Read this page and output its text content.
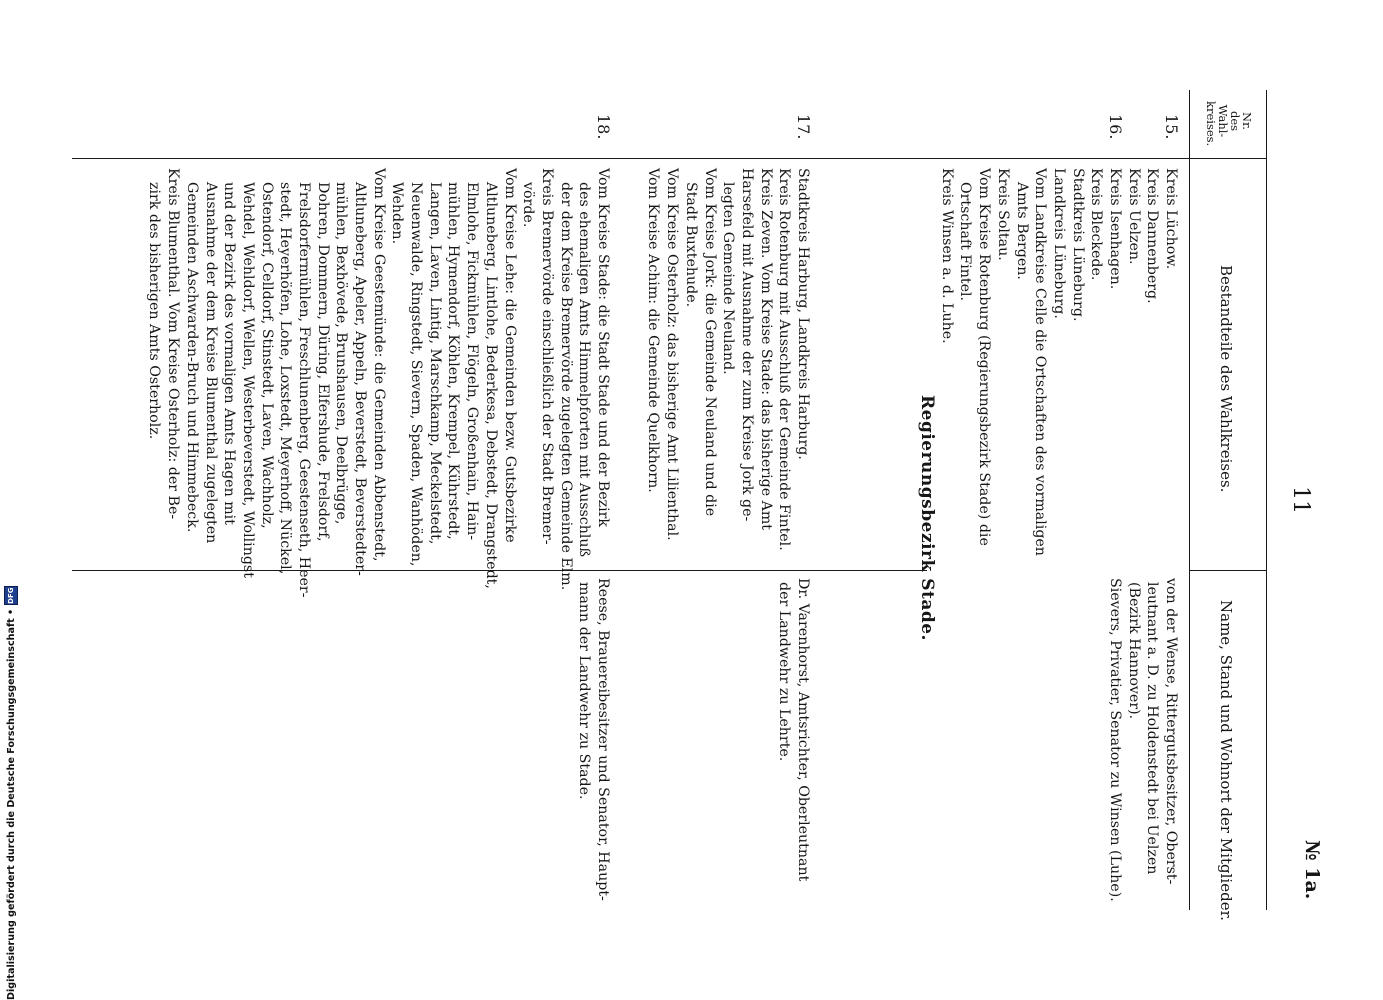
11
№ 1a.
Nr. des Wahl-kreises.
Bestandteile des Wahlkreises.
Name, Stand und Wohnort der Mitglieder.
15.
Kreis Lüchow.
Kreis Dannenberg.
Kreis Uelzen.
von der Wense, Rittergutsbesitzer, Oberst-
leutnant a. D. zu Holdenstedt bei Uelzen
(Bezirk Hannover).
16.
Kreis Isenhagen.
Kreis Bleckede.
Stadtkreis Lüneburg.
Landkreis Lüneburg.
Vom Landkreise Celle die Ortschaften des vormaligen
Amts Bergen.
Kreis Soltau.
Vom Kreise Rotenburg (Regierungsbezirk Stade) die
Ortschaft Fintel.
Kreis Winsen a. d. Luhe.
Sievers, Privatier, Senator zu Winsen (Luhe).
Regierungsbezirk Stade.
17.
Stadtkreis Harburg, Landkreis Harburg.
Kreis Rotenburg mit Ausschluß der Gemeinde Fintel.
Kreis Zeven. Vom Kreise Stade: das bisherige Amt
Harsefeld mit Ausnahme der zum Kreise Jork ge-
legten Gemeinde Neuland.
Vom Kreise Jork: die Gemeinde Neuland und die
Stadt Buxtehude.
Vom Kreise Osterholz: das bisherige Amt Lilienthal.
Vom Kreise Achim: die Gemeinde Quelkhorn.
Dr. Varenhorst, Amtsrichter, Oberleutnant
der Landwehr zu Lehrte.
18.
Vom Kreise Stade: die Stadt Stade und der Bezirk
des ehemaligen Amts Himmelpforten mit Ausschluß
der dem Kreise Bremervörde zugelegten Gemeinde Elm.
Kreis Bremervörde einschließlich der Stadt Bremer-
vörde.
Vom Kreise Lehe: die Gemeinden bezw. Gutsbezirke
Altluneberg, Lintlohe, Bederkesa, Debstedt, Drangstedt,
Elmlohe, Fickmühlen, Flögeln, Großenhain, Hain-
mühlen, Hymendorf, Köhlen, Krempel, Kührstedt,
Langen, Laven, Lintig, Marschkamp, Meckelstedt,
Neuenwalde, Ringstedt, Sievern, Spaden, Wanhöden,
Wehden.
Vom Kreise Geestemünde: die Gemeinden Abbenstedt,
Altluneberg, Apeler, Appeln, Beverstedt, Beverstedter-
mühlen, Bexhövede, Brunshausen, Deelbrügge,
Dohren, Dommern, Düring, Elfershude, Frelsdorf,
Frelsdorfermühlen, Freschlunenberg, Geestenseth, Heer-
stedt, Heyerhöfen, Lohe, Loxstedt, Meyerhoff, Nückel,
Ostendorf, Celldorf, Stinstedt, Laven, Wachholz,
Wehdel, Wehldorf, Wellen, Westerbeverstedt, Wollingst
und der Bezirk des vormaligen Amts Hagen mit
Ausnahme der dem Kreise Blumenthal zugelegten
Gemeinden Aschwarden-Bruch und Himmebeck.
Kreis Blumenthal. Vom Kreise Osterholz: der Be-
zirk des bisherigen Amts Osterholz.
Reese, Brauereibesitzer und Senator, Haupt-
mann der Landwehr zu Stade.
Digitalisierung gefördert durch die Deutsche Forschungsgemeinschaft •
DFG
